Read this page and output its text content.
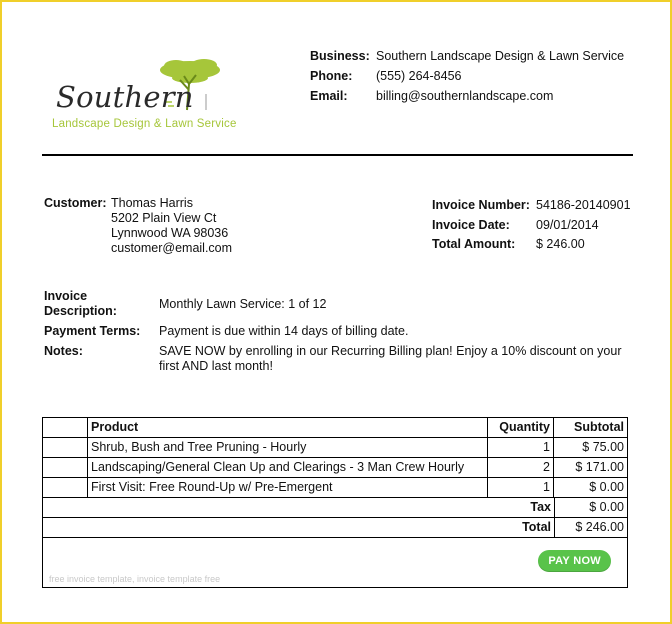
Southern
Landscape Design & Lawn Service
Business: Southern Landscape Design & Lawn Service
Phone:	(555) 264-8456
Email:	billing@southernlandscape.com
Customer: Thomas Harris
5202 Plain View Ct
Lynnwood WA 98036
customer@email.com
Invoice Number: 54186-20140901
Invoice Date:	09/01/2014
Total Amount:	$ 246.00
Invoice Description:	Monthly Lawn Service: 1 of 12
Payment Terms:	Payment is due within 14 days of billing date.
Notes:	SAVE NOW by enrolling in our Recurring Billing plan! Enjoy a 10% discount on your first AND last month!
Product	Quantity	Subtotal
Shrub, Bush and Tree Pruning - Hourly	1	$ 75.00
Landscaping/General Clean Up and Clearings - 3 Man Crew Hourly	2	$ 171.00
First Visit: Free Round-Up w/ Pre-Emergent	1	$ 0.00
Tax	$ 0.00
Total	$ 246.00
free invoice template, invoice template free
PAY NOW
